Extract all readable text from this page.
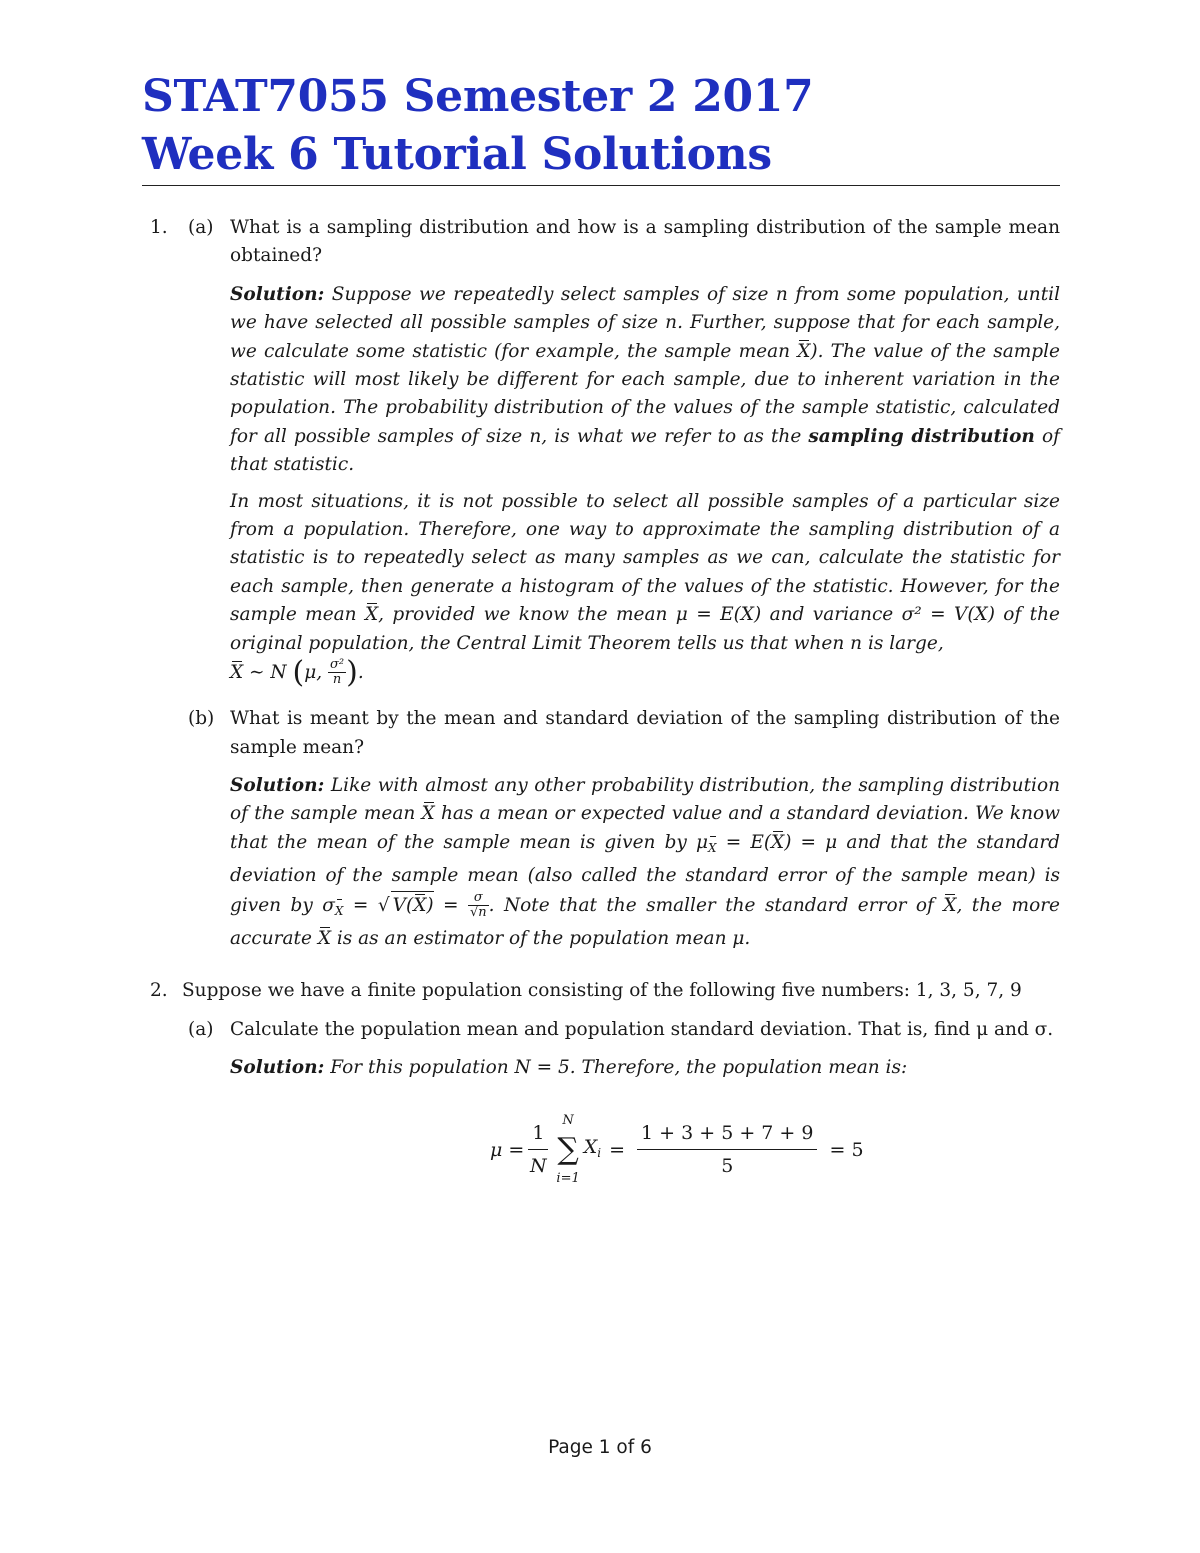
STAT7055 Semester 2 2017
Week 6 Tutorial Solutions
1. (a) What is a sampling distribution and how is a sampling distribution of the sample mean obtained?

Solution: Suppose we repeatedly select samples of size n from some population, until we have selected all possible samples of size n. Further, suppose that for each sample, we calculate some statistic (for example, the sample mean X). The value of the sample statistic will most likely be different for each sample, due to inherent variation in the population. The probability distribution of the values of the sample statistic, calculated for all possible samples of size n, is what we refer to as the sampling distribution of that statistic.

In most situations, it is not possible to select all possible samples of a particular size from a population. Therefore, one way to approximate the sampling distribution of a statistic is to repeatedly select as many samples as we can, calculate the statistic for each sample, then generate a histogram of the values of the statistic. However, for the sample mean X, provided we know the mean μ = E(X) and variance σ² = V(X) of the original population, the Central Limit Theorem tells us that when n is large,
X ∼ N (μ, $\frac{\text{σ²}}{n}$ ).

(b) What is meant by the mean and standard deviation of the sampling distribution of the sample mean?

Solution: Like with almost any other probability distribution, the sampling distribution of the sample mean X has a mean or expected value and a standard deviation. We know that the mean of the sample mean is given by $\mu_X = E(X) = \mu$ and that the standard deviation of the sample mean (also called the standard error of the sample mean) is given by $\sigma_X$ = √ $V(X) = \frac{\sigma}{√n}$ . Note that the smaller the standard error of X, the more accurate X is as an estimator of the population mean μ.

2. Suppose we have a finite population consisting of the following five numbers: 1, 3, 5, 7, 9
(a) Calculate the population mean and population standard deviation. That is, find μ and σ.

Solution: For this population N = 5. Therefore, the population mean is:

$\mu = \frac{1}{N}$ N
∑
i=1
$X_i = \frac{1 + 3 + 5 + 7 + 9}{5} = 5$
Page 1 of 6
